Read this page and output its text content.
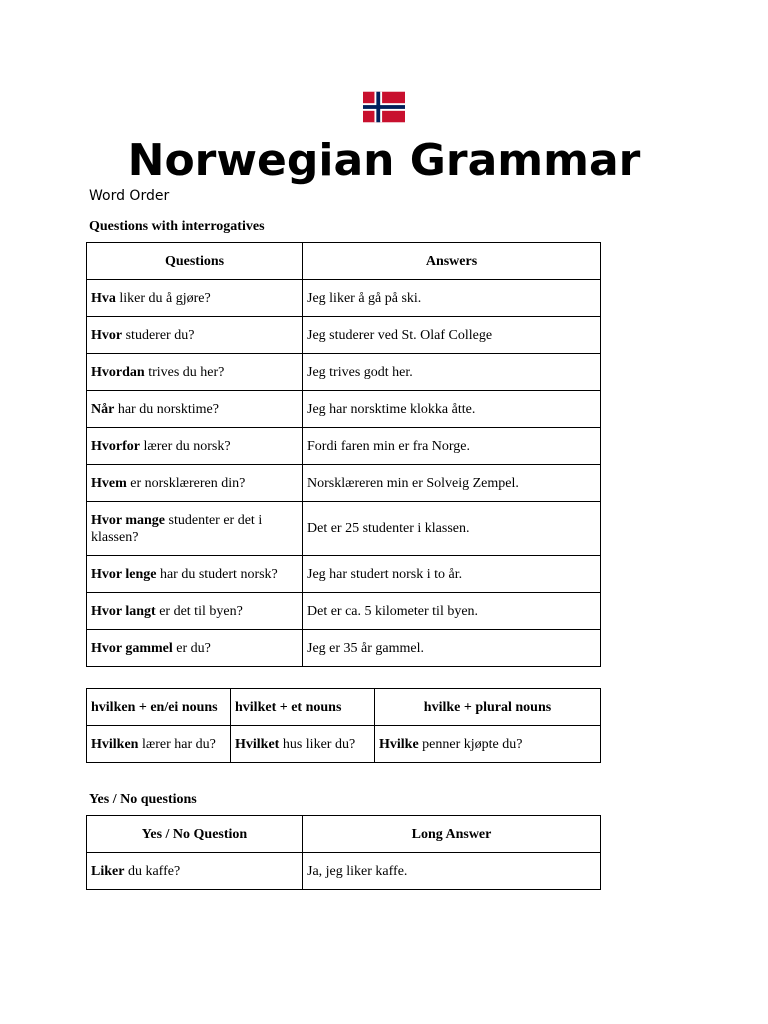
Norwegian Grammar
Word Order
Questions with interrogatives
Questions	Answers
Hva liker du å gjøre?	Jeg liker å gå på ski.
Hvor studerer du?	Jeg studerer ved St. Olaf College
Hvordan trives du her?	Jeg trives godt her.
Når har du norsktime?	Jeg har norsktime klokka åtte.
Hvorfor lærer du norsk?	Fordi faren min er fra Norge.
Hvem er norsklæreren din?	Norsklæreren min er Solveig Zempel.
Hvor mange studenter er det i klassen?	Det er 25 studenter i klassen.
Hvor lenge har du studert norsk?	Jeg har studert norsk i to år.
Hvor langt er det til byen?	Det er ca. 5 kilometer til byen.
Hvor gammel er du?	Jeg er 35 år gammel.
hvilken + en/ei nouns	hvilket + et nouns	hvilke + plural nouns
Hvilken lærer har du?	Hvilket hus liker du?	Hvilke penner kjøpte du?
Yes / No questions
Yes / No Question	Long Answer
Liker du kaffe?	Ja, jeg liker kaffe.
